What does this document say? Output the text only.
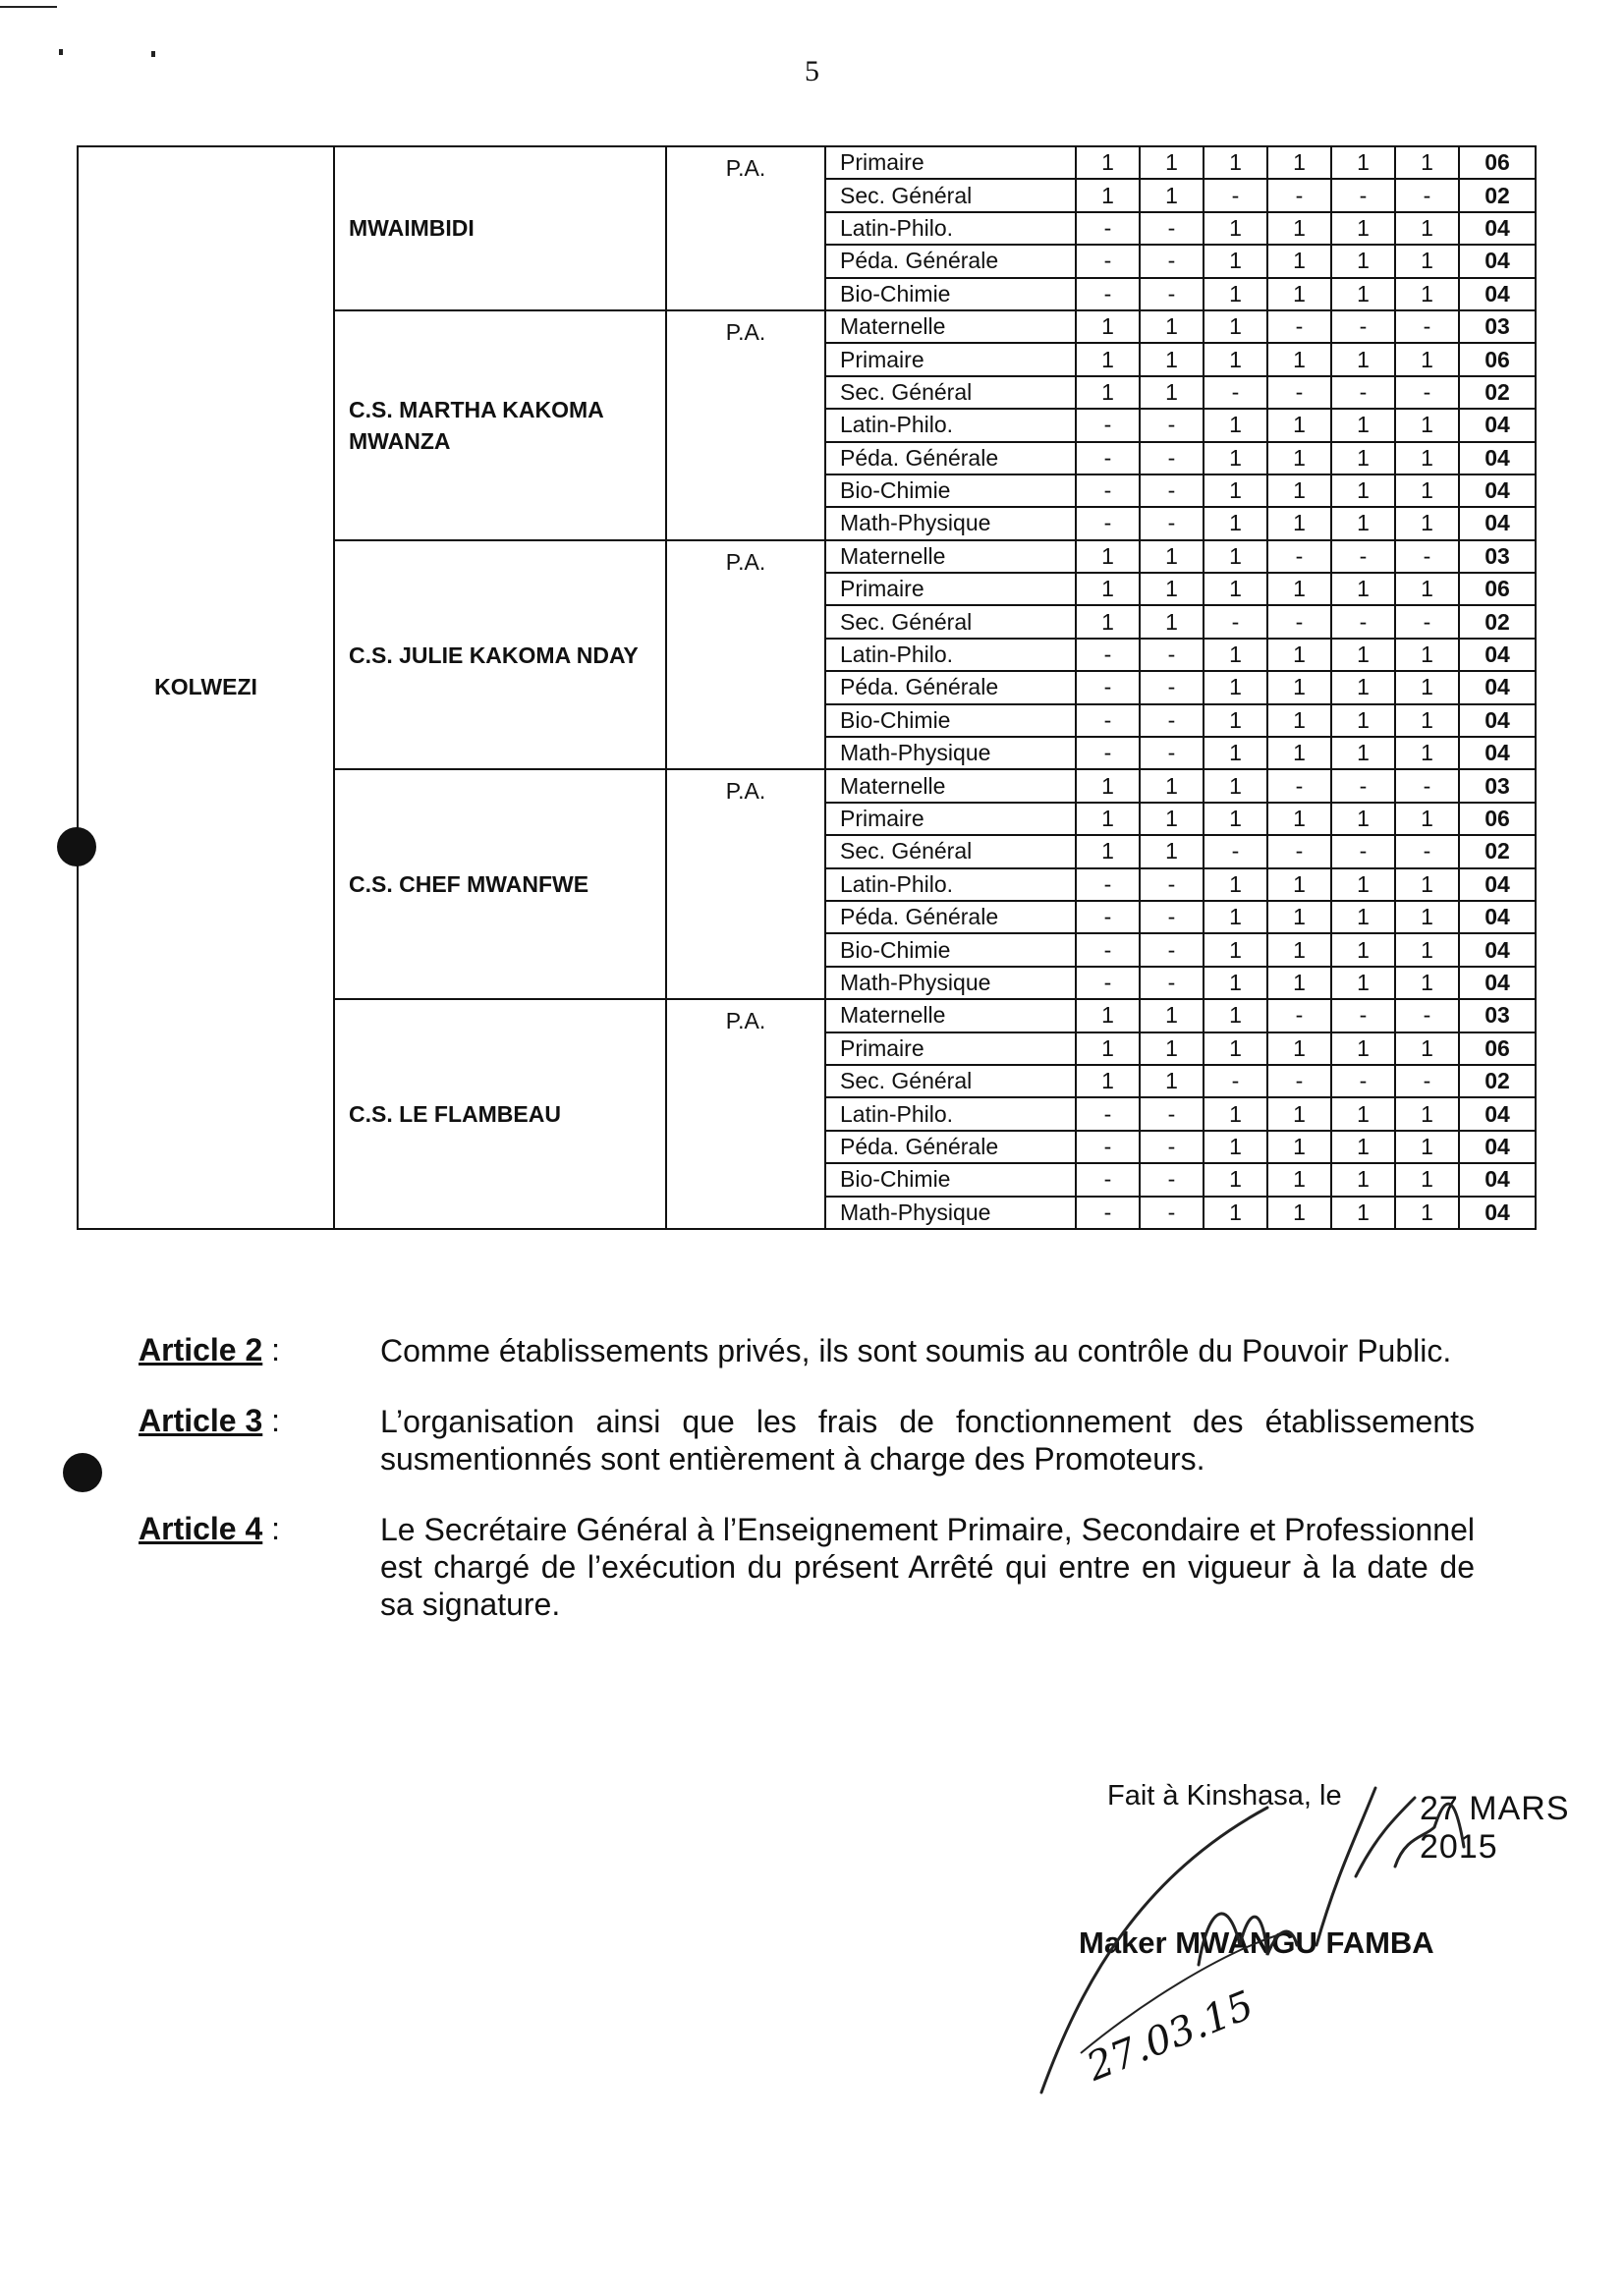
5
KOLWEZI	MWAIMBIDI	P.A.	Primaire	1	1	1	1	1	1	06
			Sec. Général	1	1	-	-	-	-	02
			Latin-Philo.	-	-	1	1	1	1	04
			Péda. Générale	-	-	1	1	1	1	04
			Bio-Chimie	-	-	1	1	1	1	04
	C.S. MARTHA KAKOMA MWANZA	P.A.	Maternelle	1	1	1	-	-	-	03
			Primaire	1	1	1	1	1	1	06
			Sec. Général	1	1	-	-	-	-	02
			Latin-Philo.	-	-	1	1	1	1	04
			Péda. Générale	-	-	1	1	1	1	04
			Bio-Chimie	-	-	1	1	1	1	04
			Math-Physique	-	-	1	1	1	1	04
	C.S. JULIE KAKOMA NDAY	P.A.	Maternelle	1	1	1	-	-	-	03
			Primaire	1	1	1	1	1	1	06
			Sec. Général	1	1	-	-	-	-	02
			Latin-Philo.	-	-	1	1	1	1	04
			Péda. Générale	-	-	1	1	1	1	04
			Bio-Chimie	-	-	1	1	1	1	04
			Math-Physique	-	-	1	1	1	1	04
	C.S. CHEF MWANFWE	P.A.	Maternelle	1	1	1	-	-	-	03
			Primaire	1	1	1	1	1	1	06
			Sec. Général	1	1	-	-	-	-	02
			Latin-Philo.	-	-	1	1	1	1	04
			Péda. Générale	-	-	1	1	1	1	04
			Bio-Chimie	-	-	1	1	1	1	04
			Math-Physique	-	-	1	1	1	1	04
	C.S. LE FLAMBEAU	P.A.	Maternelle	1	1	1	-	-	-	03
			Primaire	1	1	1	1	1	1	06
			Sec. Général	1	1	-	-	-	-	02
			Latin-Philo.	-	-	1	1	1	1	04
			Péda. Générale	-	-	1	1	1	1	04
			Bio-Chimie	-	-	1	1	1	1	04
			Math-Physique	-	-	1	1	1	1	04
Article 2 :	Comme établissements privés, ils sont soumis au contrôle du Pouvoir Public.
Article 3 :	L’organisation ainsi que les frais de fonctionnement des établissements susmentionnés sont entièrement à charge des Promoteurs.
Article 4 :	Le Secrétaire Général à l’Enseignement Primaire, Secondaire et Professionnel est chargé de l’exécution du présent Arrêté qui entre en vigueur à la date de sa signature.
Fait à Kinshasa, le 27 MARS 2015
Maker MWANGU FAMBA
27.03.15
